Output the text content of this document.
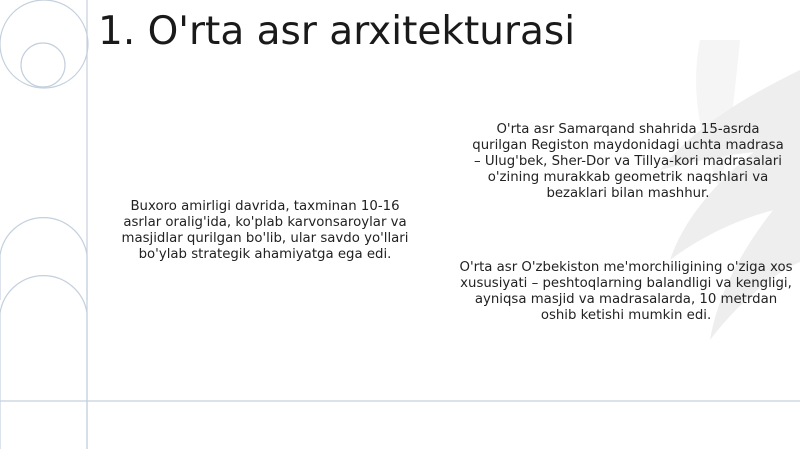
1. O'rta asr arxitekturasi

Buxoro amirligi davrida, taxminan 10-16 asrlar oralig'ida, ko'plab karvonsaroylar va masjidlar qurilgan bo'lib, ular savdo yo'llari bo'ylab strategik ahamiyatga ega edi.

O'rta asr Samarqand shahrida 15-asrda qurilgan Registon maydonidagi uchta madrasa – Ulug'bek, Sher-Dor va Tillya-kori madrasalari o'zining murakkab geometrik naqshlari va bezaklari bilan mashhur.

O'rta asr O'zbekiston me'morchiligining o'ziga xos xususiyati – peshtoqlarning balandligi va kengligi, ayniqsa masjid va madrasalarda, 10 metrdan oshib ketishi mumkin edi.
